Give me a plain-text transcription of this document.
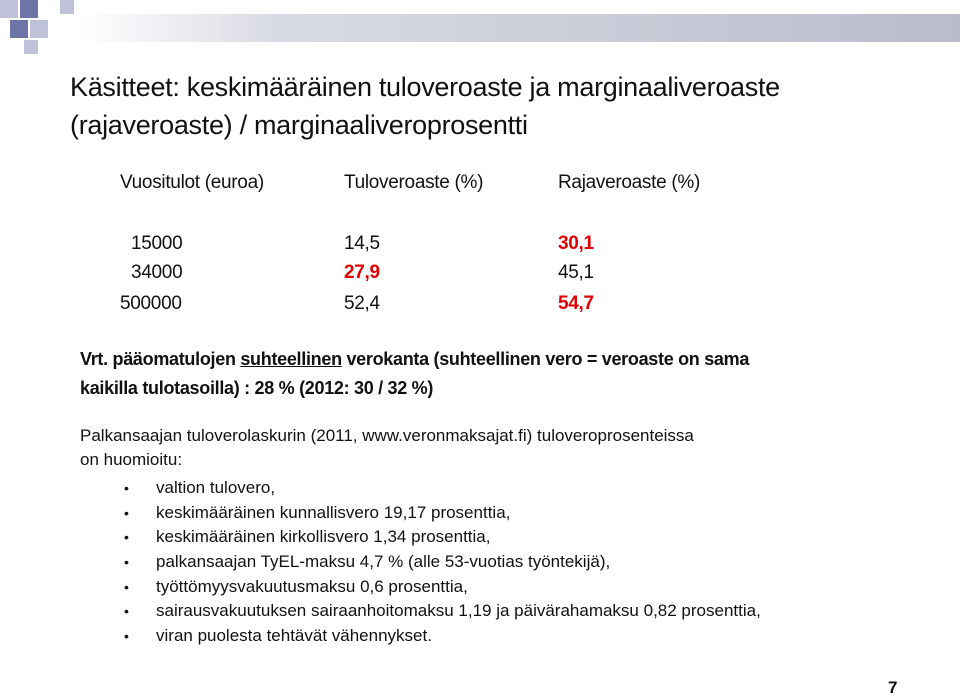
Käsitteet: keskimääräinen tuloveroaste ja marginaaliveroaste
(rajaveroaste) / marginaaliveroprosentti
Vuositulot (euroa)	Tuloveroaste (%)	Rajaveroaste (%)
15000	14,5	30,1
34000	27,9	45,1
500000	52,4	54,7
Vrt. pääomatulojen suhteellinen verokanta (suhteellinen vero = veroaste on sama
kaikilla tulotasoilla) : 28 % (2012: 30 / 32 %)
Palkansaajan tuloverolaskurin (2011, www.veronmaksajat.fi) tuloveroprosenteissa
on huomioitu:
• valtion tulovero,
• keskimääräinen kunnallisvero 19,17 prosenttia,
• keskimääräinen kirkollisvero 1,34 prosenttia,
• palkansaajan TyEL-maksu 4,7 % (alle 53-vuotias työntekijä),
• työttömyysvakuutusmaksu 0,6 prosenttia,
• sairausvakuutuksen sairaanhoitomaksu 1,19 ja päivärahamaksu 0,82 prosenttia,
• viran puolesta tehtävät vähennykset.
7
